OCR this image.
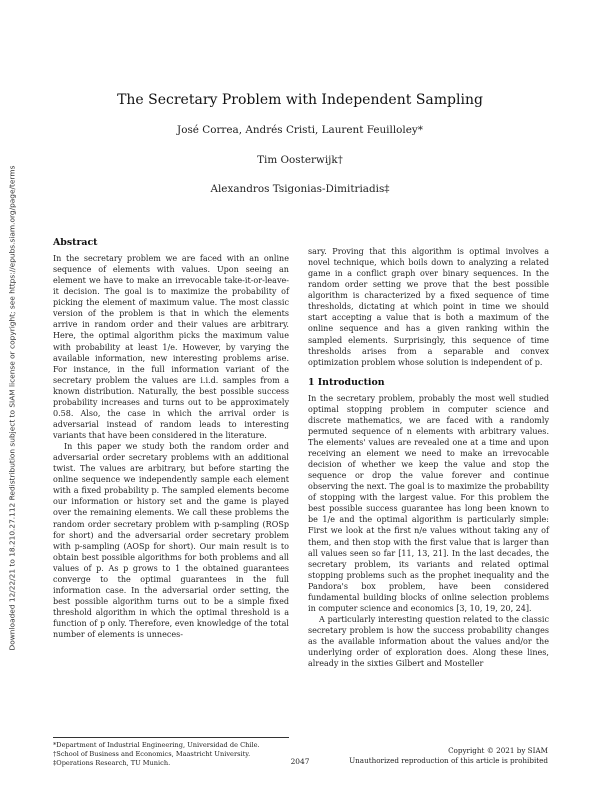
Downloaded 12/22/21 to 18.210.27.112 Redistribution subject to SIAM license or copyright; see https://epubs.siam.org/page/terms
The Secretary Problem with Independent Sampling
José Correa, Andrés Cristi, Laurent Feuilloley*
Tim Oosterwijk†
Alexandros Tsigonias-Dimitriadis‡
Abstract

In the secretary problem we are faced with an online sequence of elements with values. Upon seeing an element we have to make an irrevocable take-it-or-leave-it decision. The goal is to maximize the probability of picking the element of maximum value. The most classic version of the problem is that in which the elements arrive in random order and their values are arbitrary. Here, the optimal algorithm picks the maximum value with probability at least 1/e. However, by varying the available information, new interesting problems arise. For instance, in the full information variant of the secretary problem the values are i.i.d. samples from a known distribution. Naturally, the best possible success probability increases and turns out to be approximately 0.58. Also, the case in which the arrival order is adversarial instead of random leads to interesting variants that have been considered in the literature.

In this paper we study both the random order and adversarial order secretary problems with an additional twist. The values are arbitrary, but before starting the online sequence we independently sample each element with a fixed probability p. The sampled elements become our information or history set and the game is played over the remaining elements. We call these problems the random order secretary problem with p-sampling (ROSp for short) and the adversarial order secretary problem with p-sampling (AOSp for short). Our main result is to obtain best possible algorithms for both problems and all values of p. As p grows to 1 the obtained guarantees converge to the optimal guarantees in the full information case. In the adversarial order setting, the best possible algorithm turns out to be a simple fixed threshold algorithm in which the optimal threshold is a function of p only. Therefore, even knowledge of the total number of elements is unneces-

sary. Proving that this algorithm is optimal involves a novel technique, which boils down to analyzing a related game in a conflict graph over binary sequences. In the random order setting we prove that the best possible algorithm is characterized by a fixed sequence of time thresholds, dictating at which point in time we should start accepting a value that is both a maximum of the online sequence and has a given ranking within the sampled elements. Surprisingly, this sequence of time thresholds arises from a separable and convex optimization problem whose solution is independent of p.

1 Introduction

In the secretary problem, probably the most well studied optimal stopping problem in computer science and discrete mathematics, we are faced with a randomly permuted sequence of n elements with arbitrary values. The elements' values are revealed one at a time and upon receiving an element we need to make an irrevocable decision of whether we keep the value and stop the sequence or drop the value forever and continue observing the next. The goal is to maximize the probability of stopping with the largest value. For this problem the best possible success guarantee has long been known to be 1/e and the optimal algorithm is particularly simple: First we look at the first n/e values without taking any of them, and then stop with the first value that is larger than all values seen so far [11, 13, 21]. In the last decades, the secretary problem, its variants and related optimal stopping problems such as the prophet inequality and the Pandora's box problem, have been considered fundamental building blocks of online selection problems in computer science and economics [3, 10, 19, 20, 24].

A particularly interesting question related to the classic secretary problem is how the success probability changes as the available information about the values and/or the underlying order of exploration does. Along these lines, already in the sixties Gilbert and Mosteller

*Department of Industrial Engineering, Universidad de Chile.
†School of Business and Economics, Maastricht University.
‡Operations Research, TU Munich.	2047
Copyright © 2021 by SIAM
Unauthorized reproduction of this article is prohibited
